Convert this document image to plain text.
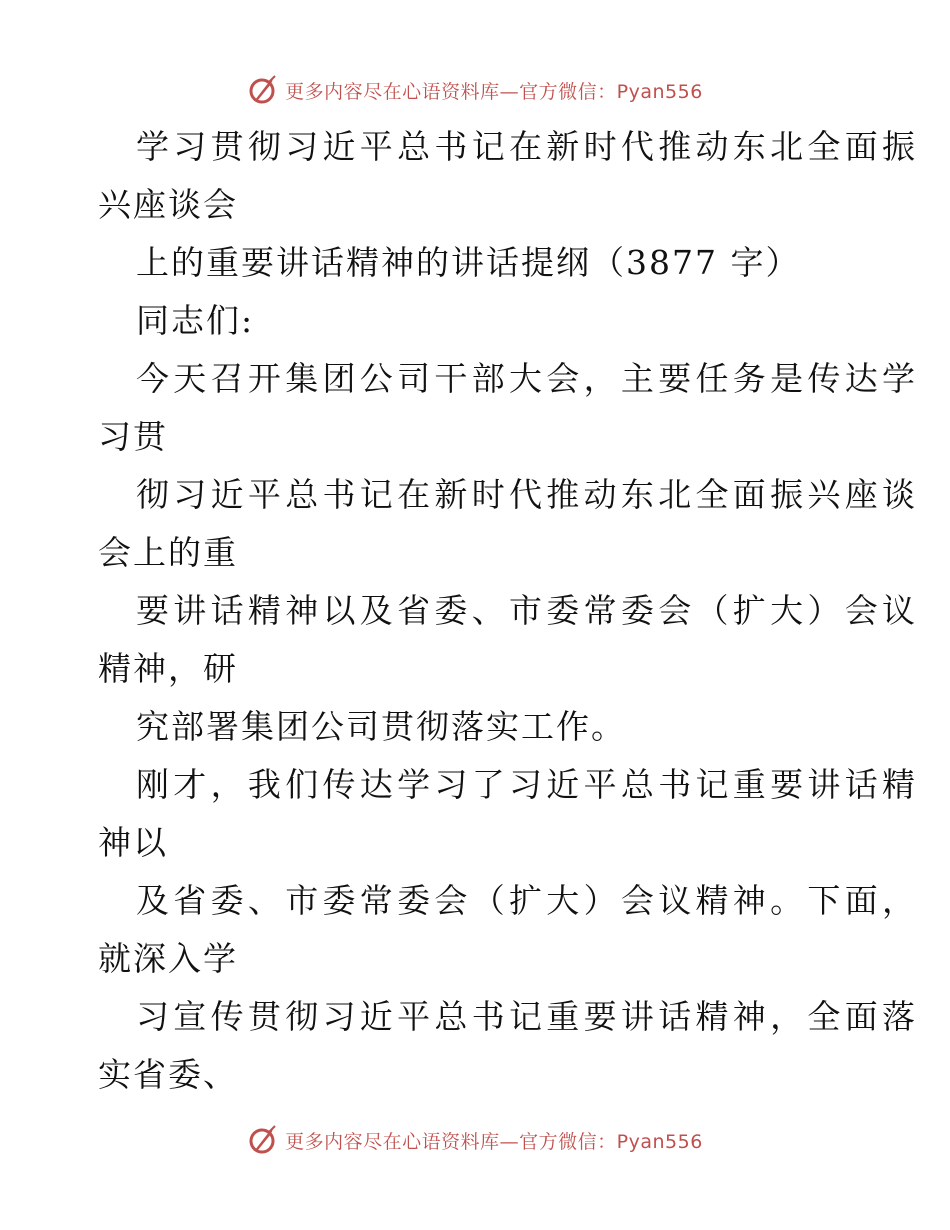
更多内容尽在心语资料库—官方微信：Pyan556
学习贯彻习近平总书记在新时代推动东北全面振
兴座谈会
上的重要讲话精神的讲话提纲（3877 字）
同志们:
今天召开集团公司干部大会，主要任务是传达学
习贯
彻习近平总书记在新时代推动东北全面振兴座谈
会上的重
要讲话精神以及省委、市委常委会（扩大）会议
精神，研
究部署集团公司贯彻落实工作。
刚才，我们传达学习了习近平总书记重要讲话精
神以
及省委、市委常委会（扩大）会议精神。下面，
就深入学
习宣传贯彻习近平总书记重要讲话精神，全面落
实省委、
更多内容尽在心语资料库—官方微信：Pyan556
